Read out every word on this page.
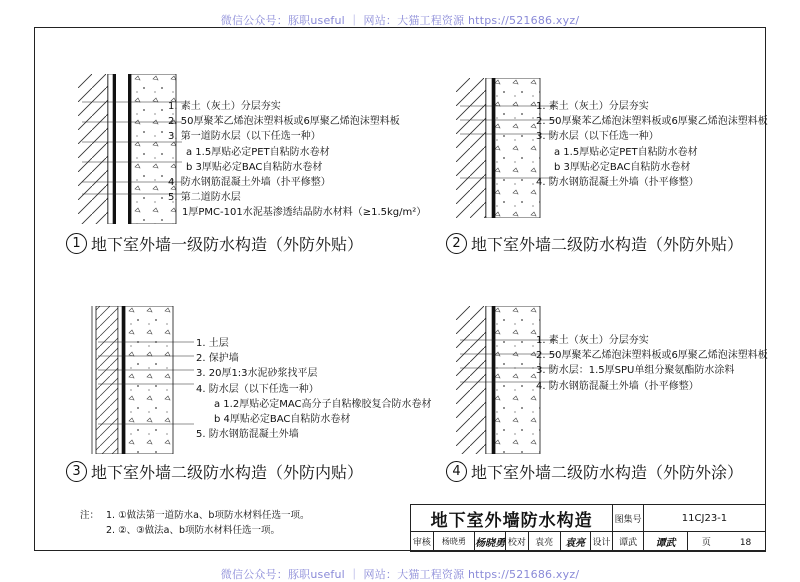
微信公众号：豚职useful ｜ 网站：大猫工程资源 https://521686.xyz/
微信公众号：豚职useful ｜ 网站：大猫工程资源 https://521686.xyz/
1. 素土（灰土）分层夯实
2. 50厚聚苯乙烯泡沫塑料板或6厚聚乙烯泡沫塑料板
3. 第一道防水层（以下任选一种）
a 1.5厚贴必定PET自粘防水卷材
b 3厚贴必定BAC自粘防水卷材
4. 防水钢筋混凝土外墙（扑平修整）
5. 第二道防水层
1厚PMC-101水泥基渗透结晶防水材料（≥1.5kg/m²）
1 地下室外墙一级防水构造（外防外贴）
1. 素土（灰土）分层夯实
2. 50厚聚苯乙烯泡沫塑料板或6厚聚乙烯泡沫塑料板
3. 防水层（以下任选一种）
a 1.5厚贴必定PET自粘防水卷材
b 3厚贴必定BAC自粘防水卷材
4. 防水钢筋混凝土外墙（扑平修整）
2 地下室外墙二级防水构造（外防外贴）
1. 土层
2. 保护墙
3. 20厚1:3水泥砂浆找平层
4. 防水层（以下任选一种）
a 1.2厚贴必定MAC高分子自粘橡胶复合防水卷材
b 4厚贴必定BAC自粘防水卷材
5. 防水钢筋混凝土外墙
3 地下室外墙二级防水构造（外防内贴）
1. 素土（灰土）分层夯实
2. 50厚聚苯乙烯泡沫塑料板或6厚聚乙烯泡沫塑料板
3. 防水层：1.5厚SPU单组分聚氨酯防水涂料
4. 防水钢筋混凝土外墙（扑平修整）
4 地下室外墙二级防水构造（外防外涂）
注： 1. ①做法第一道防水a、b项防水材料任选一项。
2. ②、③做法a、b项防水材料任选一项。	地下室外墙防水构造							图集号	11CJ23-1	
审核	杨晓勇	杨晓勇	校对	袁亮	袁亮	设计	谭武	谭武	页 18
